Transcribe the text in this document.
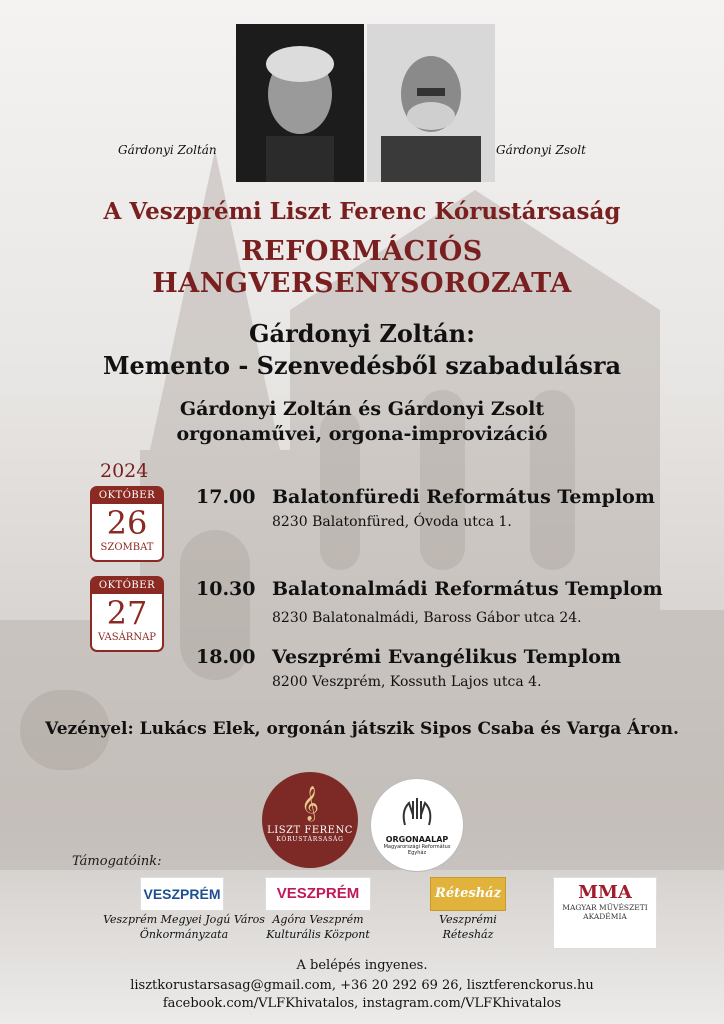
Gárdonyi Zoltán	Gárdonyi Zsolt
A Veszprémi Liszt Ferenc Kórustársaság
REFORMÁCIÓS
HANGVERSENYSOROZATA
Gárdonyi Zoltán:
Memento - Szenvedésből szabadulásra
Gárdonyi Zoltán és Gárdonyi Zsolt
orgonaművei, orgona-improvizáció
2024
OKTÓBER
26
SZOMBAT
OKTÓBER
27
VASÁRNAP
17.00 Balatonfüredi Református Templom
8230 Balatonfüred, Óvoda utca 1.
10.30 Balatonalmádi Református Templom
8230 Balatonalmádi, Baross Gábor utca 24.
18.00 Veszprémi Evangélikus Templom
8200 Veszprém, Kossuth Lajos utca 4.
Vezényel: Lukács Elek, orgonán játszik Sipos Csaba és Varga Áron.
𝄞
LISZT FERENC
KÓRUSTÁRSASÁG	ORGONAALAP
Magyarországi Református Egyház
Támogatóink:
VESZPRÉM	VESZPRÉM	Rétesház	MMA
MAGYAR MŰVÉSZETI
AKADÉMIA
Veszprém Megyei Jogú Város
Önkormányzata
Agóra Veszprém
Kulturális Központ
Veszprémi
Rétesház
A belépés ingyenes.
lisztkorustarsasag@gmail.com, +36 20 292 69 26, lisztferenckorus.hu
facebook.com/VLFKhivatalos, instagram.com/VLFKhivatalos
